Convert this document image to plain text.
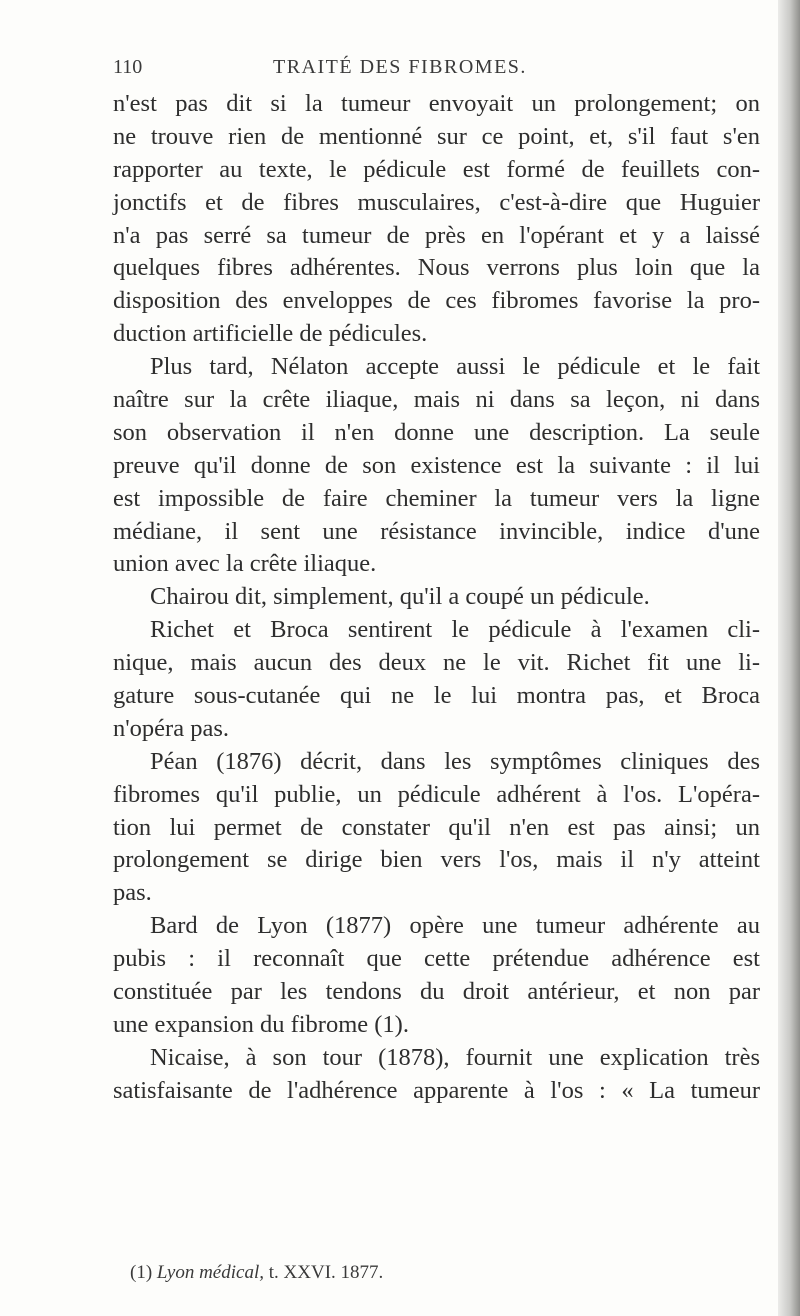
110	TRAITÉ DES FIBROMES.
n'est pas dit si la tumeur envoyait un prolongement; on
ne trouve rien de mentionné sur ce point, et, s'il faut s'en
rapporter au texte, le pédicule est formé de feuillets con-
jonctifs et de fibres musculaires, c'est-à-dire que Huguier
n'a pas serré sa tumeur de près en l'opérant et y a laissé
quelques fibres adhérentes. Nous verrons plus loin que la
disposition des enveloppes de ces fibromes favorise la pro-
duction artificielle de pédicules.
Plus tard, Nélaton accepte aussi le pédicule et le fait
naître sur la crête iliaque, mais ni dans sa leçon, ni dans
son observation il n'en donne une description. La seule
preuve qu'il donne de son existence est la suivante : il lui
est impossible de faire cheminer la tumeur vers la ligne
médiane, il sent une résistance invincible, indice d'une
union avec la crête iliaque.
Chairou dit, simplement, qu'il a coupé un pédicule.
Richet et Broca sentirent le pédicule à l'examen cli-
nique, mais aucun des deux ne le vit. Richet fit une li-
gature sous-cutanée qui ne le lui montra pas, et Broca
n'opéra pas.
Péan (1876) décrit, dans les symptômes cliniques des
fibromes qu'il publie, un pédicule adhérent à l'os. L'opéra-
tion lui permet de constater qu'il n'en est pas ainsi; un
prolongement se dirige bien vers l'os, mais il n'y atteint
pas.
Bard de Lyon (1877) opère une tumeur adhérente au
pubis : il reconnaît que cette prétendue adhérence est
constituée par les tendons du droit antérieur, et non par
une expansion du fibrome (1).
Nicaise, à son tour (1878), fournit une explication très
satisfaisante de l'adhérence apparente à l'os : « La tumeur
(1) Lyon médical, t. XXVI. 1877.
